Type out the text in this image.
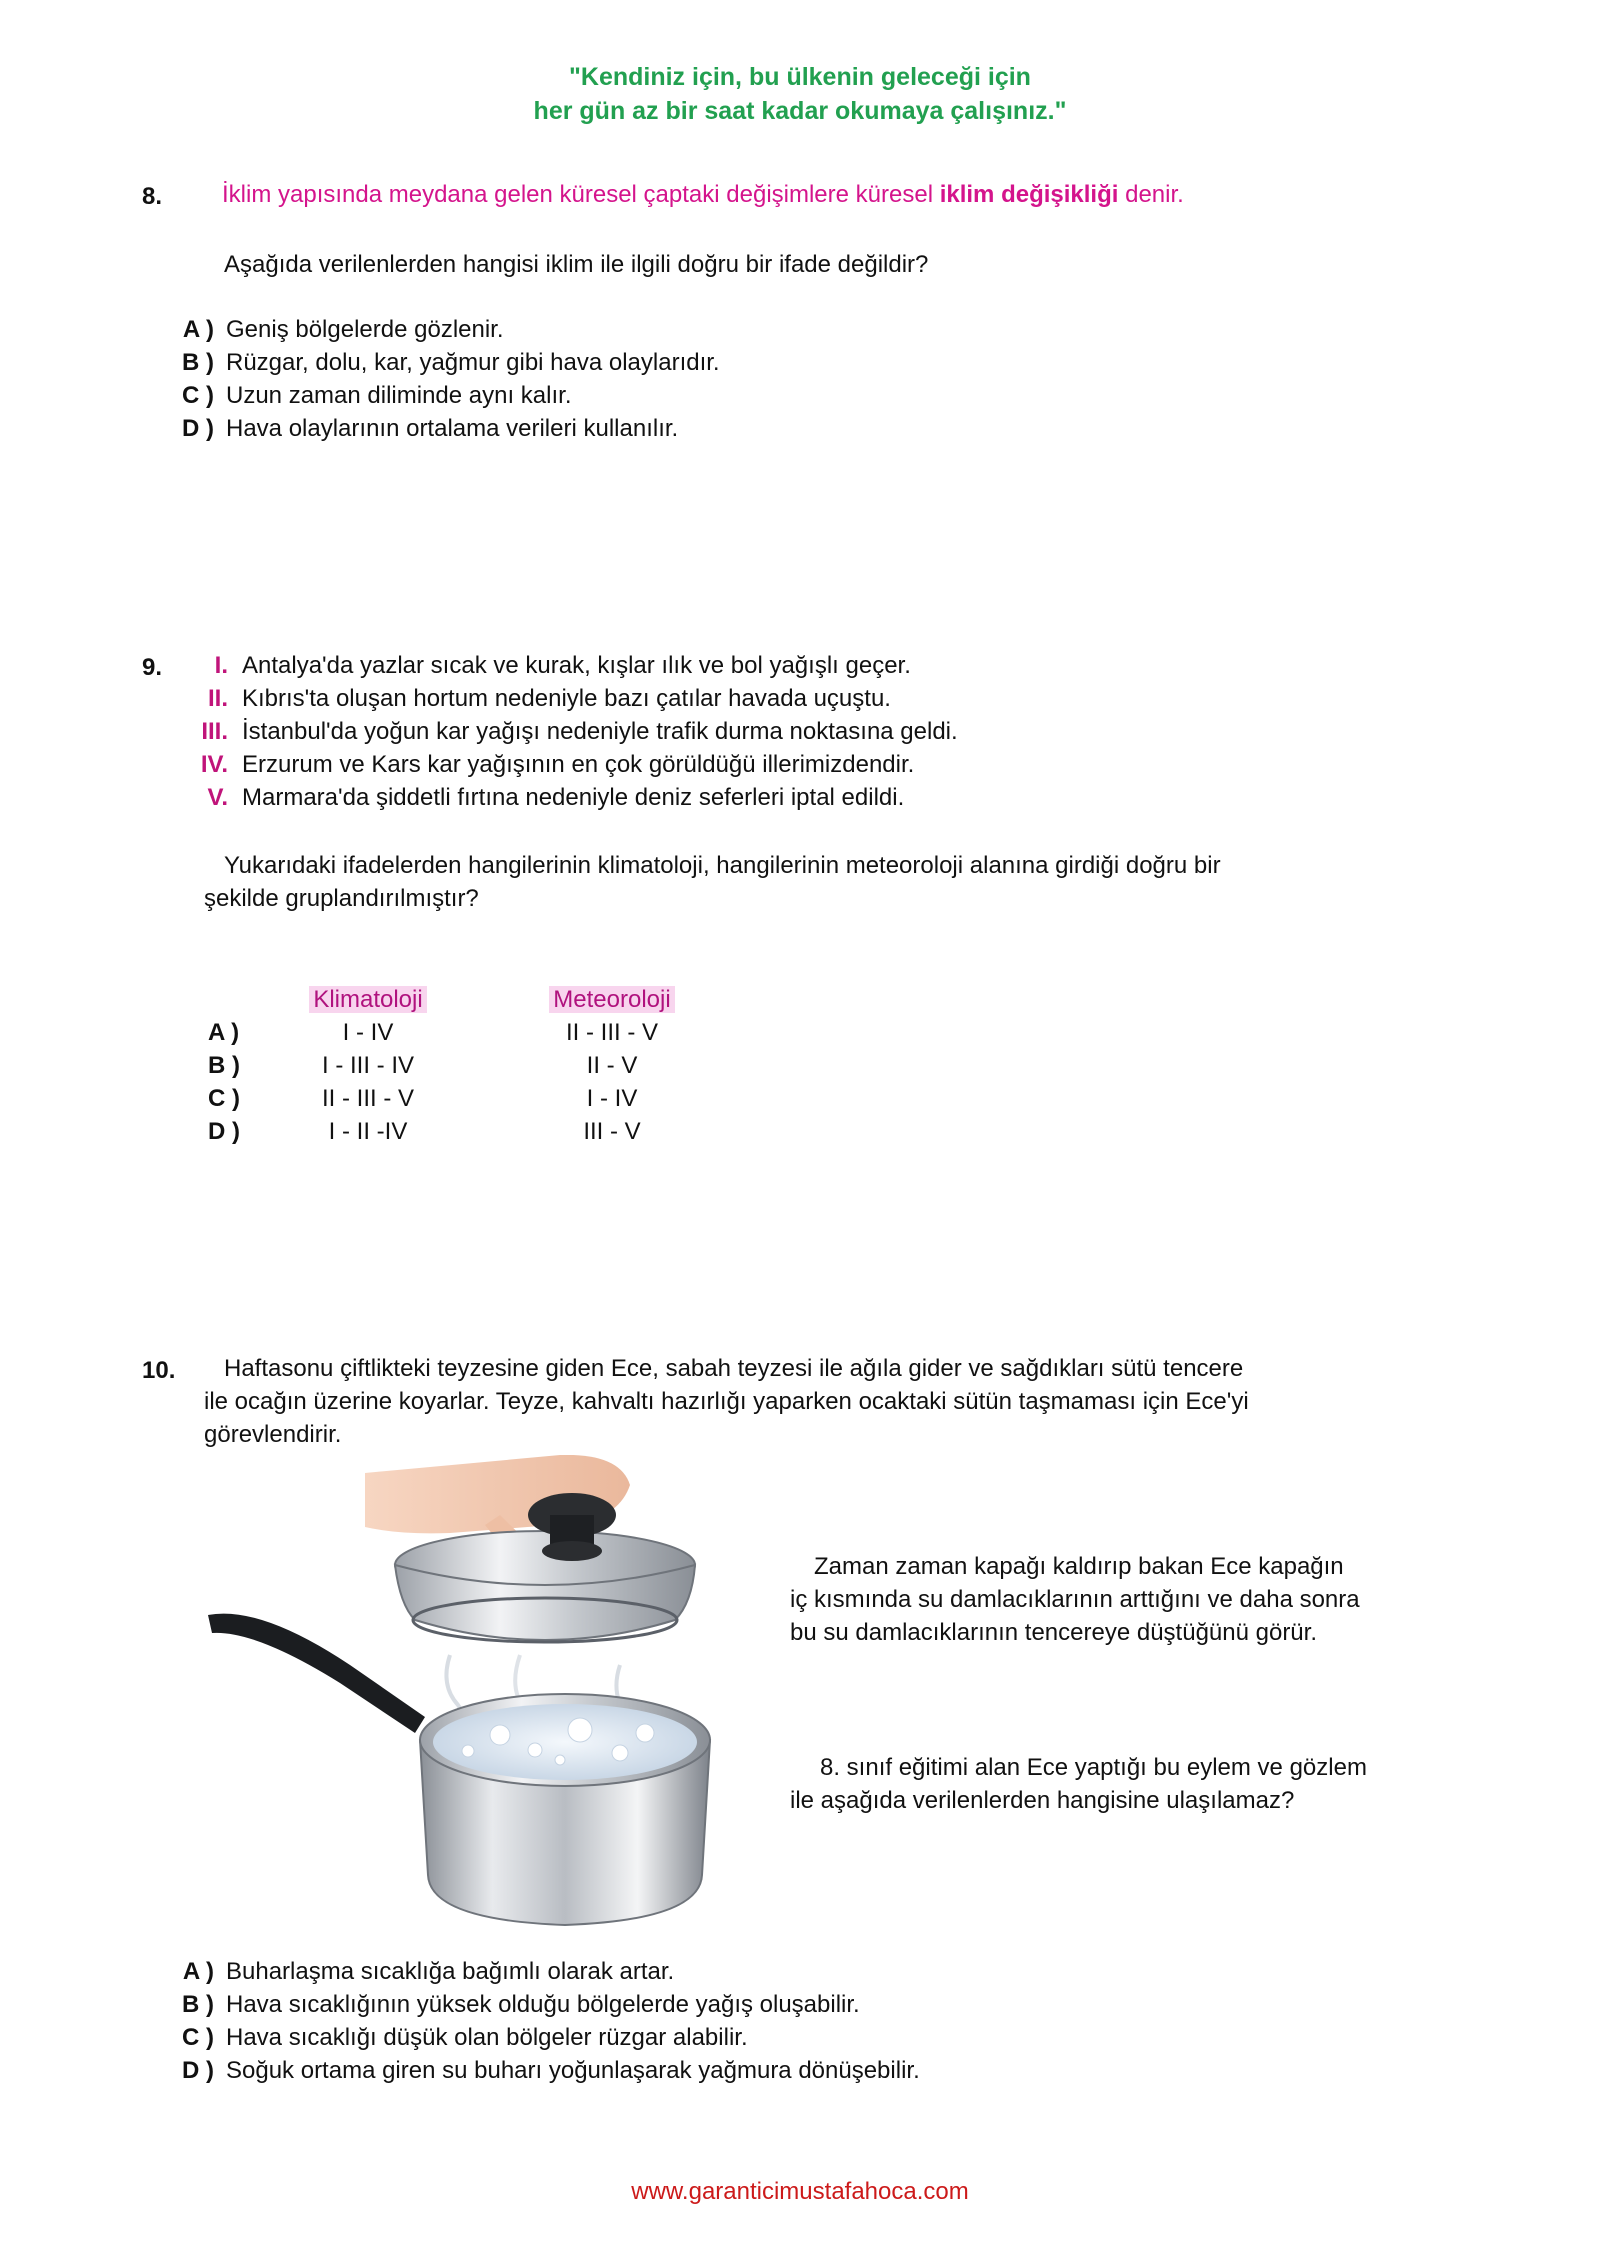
"Kendiniz için, bu ülkenin geleceği için
her gün az bir saat kadar okumaya çalışınız."
8. İklim yapısında meydana gelen küresel çaptaki değişimlere küresel iklim değişikliği denir.
Aşağıda verilenlerden hangisi iklim ile ilgili doğru bir ifade değildir?
A ) Geniş bölgelerde gözlenir.
B ) Rüzgar, dolu, kar, yağmur gibi hava olaylarıdır.
C ) Uzun zaman diliminde aynı kalır.
D ) Hava olaylarının ortalama verileri kullanılır.
9.	I. Antalya'da yazlar sıcak ve kurak, kışlar ılık ve bol yağışlı geçer.
II. Kıbrıs'ta oluşan hortum nedeniyle bazı çatılar havada uçuştu.
III. İstanbul'da yoğun kar yağışı nedeniyle trafik durma noktasına geldi.
IV. Erzurum ve Kars kar yağışının en çok görüldüğü illerimizdendir.
V. Marmara'da şiddetli fırtına nedeniyle deniz seferleri iptal edildi.
Yukarıdaki ifadelerden hangilerinin klimatoloji, hangilerinin meteoroloji alanına girdiği doğru bir
şekilde gruplandırılmıştır?
Klimatoloji	Meteoroloji
A )	I - IV	II - III - V
B )	I - III - IV	II - V
C )	II - III - V	I - IV
D )	I - II -IV	III - V
10.	Haftasonu çiftlikteki teyzesine giden Ece, sabah teyzesi ile ağıla gider ve sağdıkları sütü tencere
ile ocağın üzerine koyarlar. Teyze, kahvaltı hazırlığı yaparken ocaktaki sütün taşmaması için Ece'yi
görevlendirir.
Zaman zaman kapağı kaldırıp bakan Ece kapağın
iç kısmında su damlacıklarının arttığını ve daha sonra
bu su damlacıklarının tencereye düştüğünü görür.
8. sınıf eğitimi alan Ece yaptığı bu eylem ve gözlem
ile aşağıda verilenlerden hangisine ulaşılamaz?
A ) Buharlaşma sıcaklığa bağımlı olarak artar.
B ) Hava sıcaklığının yüksek olduğu bölgelerde yağış oluşabilir.
C ) Hava sıcaklığı düşük olan bölgeler rüzgar alabilir.
D ) Soğuk ortama giren su buharı yoğunlaşarak yağmura dönüşebilir.
www.garanticimustafahoca.com
